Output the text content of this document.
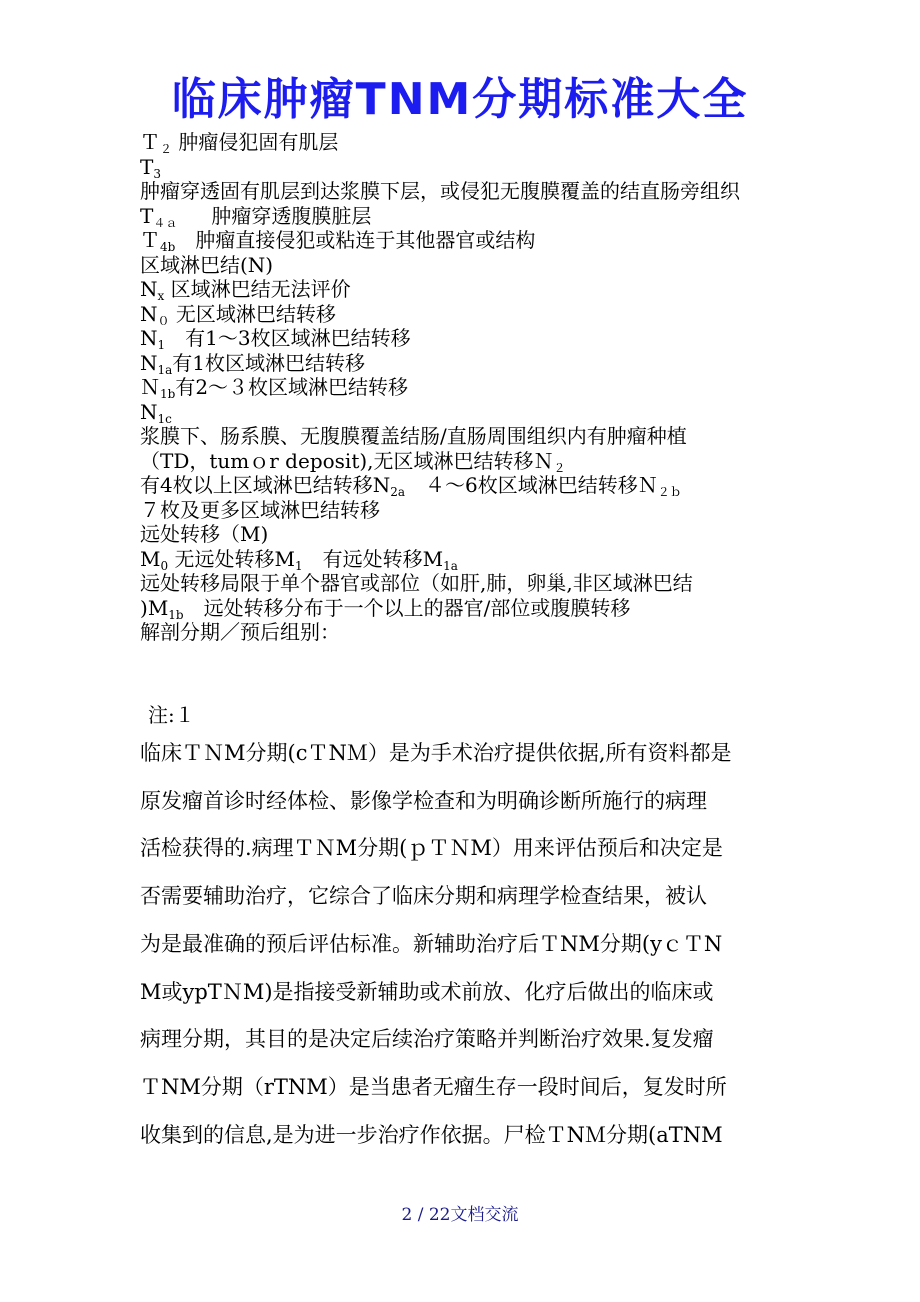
临床肿瘤TNM分期标准大全
Ｔ$_2$ 肿瘤侵犯固有肌层
$T_3$
肿瘤穿透固有肌层到达浆膜下层，或侵犯无腹膜覆盖的结直肠旁组织
$T_{4a}$ 肿瘤穿透腹膜脏层
Ｔ$_{4b}$ 肿瘤直接侵犯或粘连于其他器官或结构
区域淋巴结(N)
$N_x$ 区域淋巴结无法评价
$N_0$ 无区域淋巴结转移
$N_1$ 有1～3枚区域淋巴结转移
$N_{1a}$有1枚区域淋巴结转移
Ｎ$_{1b}$有2～３枚区域淋巴结转移
$N_{1c}$
浆膜下、肠系膜、无腹膜覆盖结肠/直肠周围组织内有肿瘤种植
（TD，tumｏr deposit),无区域淋巴结转移Ｎ$_2$
有4枚以上区域淋巴结转移$N_{2a}$ ４～6枚区域淋巴结转移Ｎ$_{2b}$
７枚及更多区域淋巴结转移
远处转移（M)
$M_0$ 无远处转移$M_1$ 有远处转移$M_{1a}$
远处转移局限于单个器官或部位（如肝,肺，卵巢,非区域淋巴结
)$M_{1b}$ 远处转移分布于一个以上的器官/部位或腹膜转移
解剖分期／预后组别：
注:１
临床ＴＮM分期(cＴNＭ）是为手术治疗提供依据,所有资料都是
原发瘤首诊时经体检、影像学检查和为明确诊断所施行的病理
活检获得的.病理ＴＮM分期(ｐＴＮM）用来评估预后和决定是
否需要辅助治疗，它综合了临床分期和病理学检查结果，被认
为是最准确的预后评估标准。新辅助治疗后ＴNM分期(yｃＴN
M或ypTＮM)是指接受新辅助或术前放、化疗后做出的临床或
病理分期，其目的是决定后续治疗策略并判断治疗效果.复发瘤
ＴNM分期（rTNM）是当患者无瘤生存一段时间后，复发时所
收集到的信息,是为进一步治疗作依据。尸检ＴNＭ分期(aTNM
2 / 22文档交流
